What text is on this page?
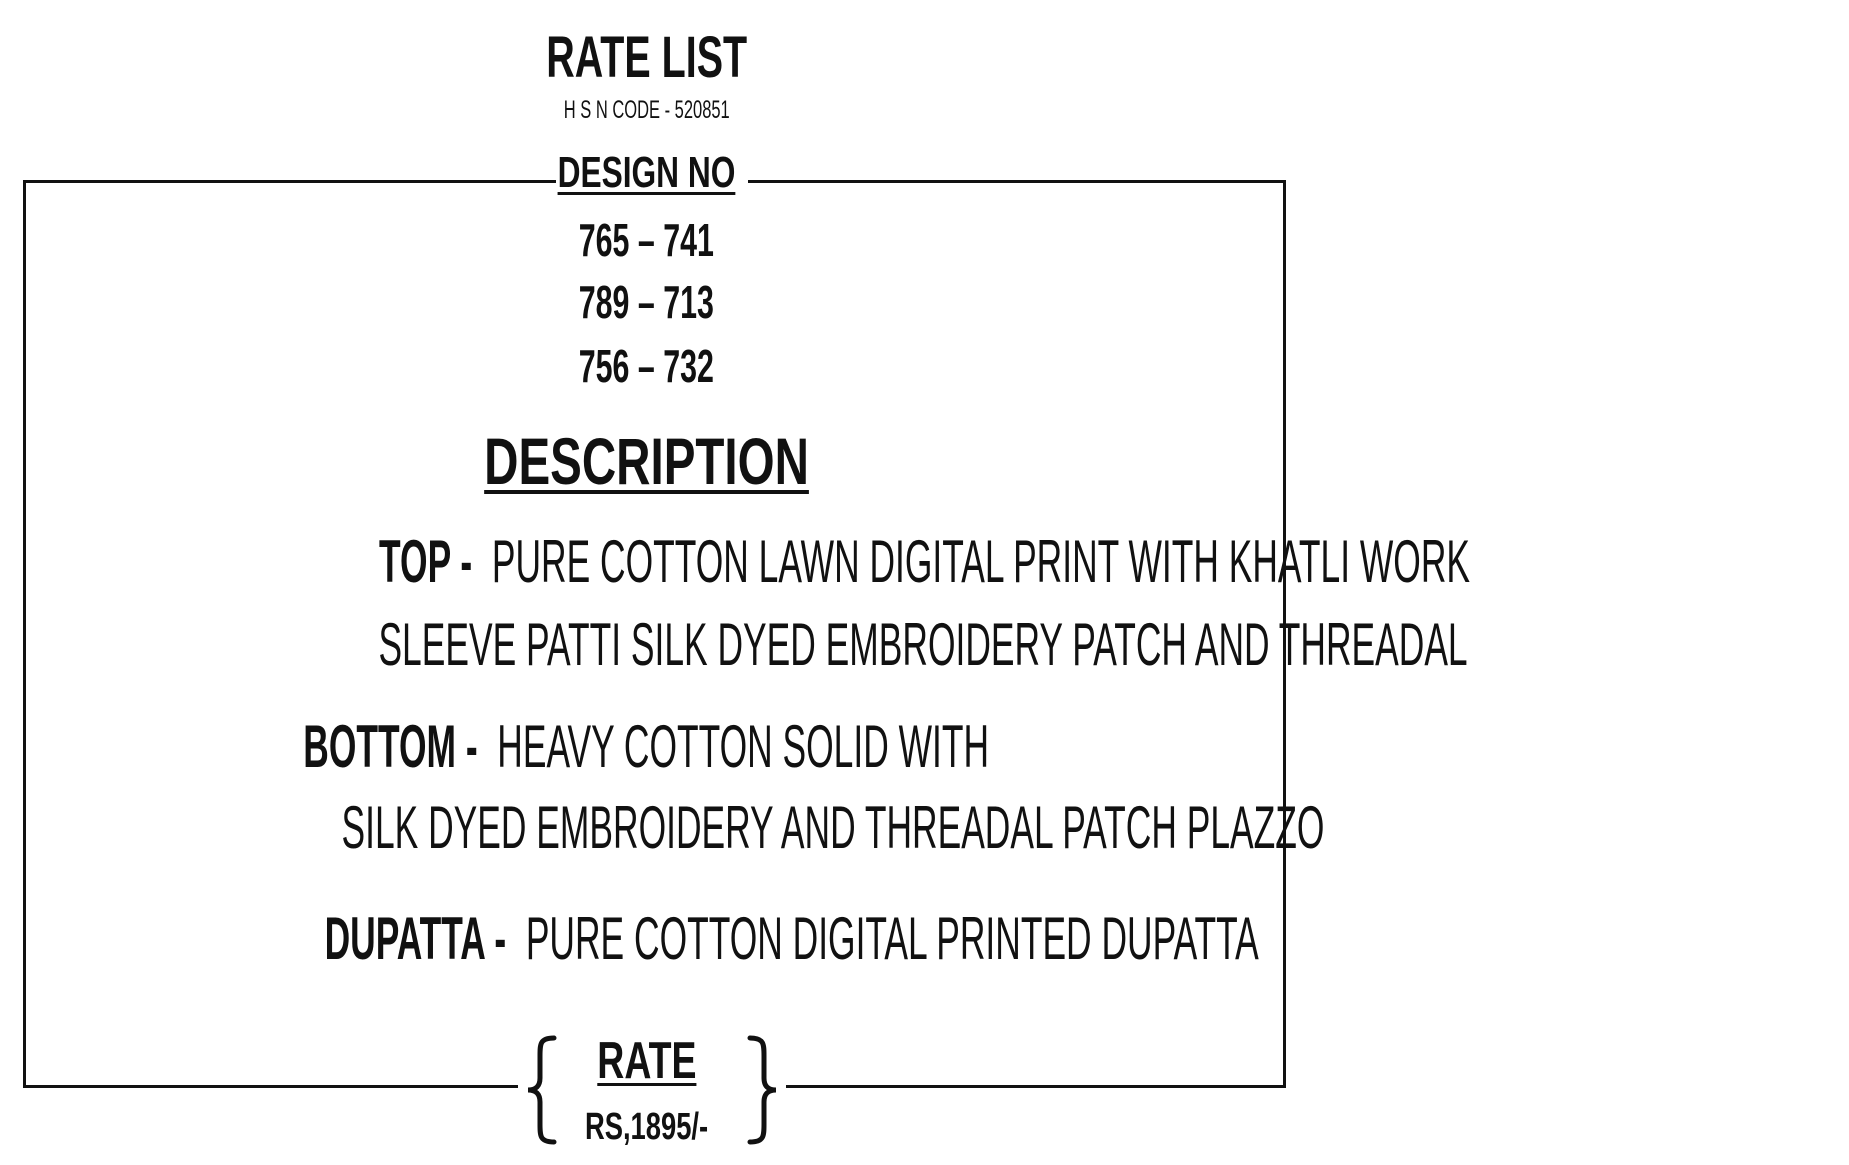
RATE LIST
H S N CODE - 520851
DESIGN NO
765 – 741
789 – 713
756 – 732
DESCRIPTION
TOP - PURE COTTON LAWN DIGITAL PRINT WITH KHATLI WORK
SLEEVE PATTI SILK DYED EMBROIDERY PATCH AND THREADAL
BOTTOM - HEAVY COTTON SOLID WITH
SILK DYED EMBROIDERY AND THREADAL PATCH PLAZZO
DUPATTA - PURE COTTON DIGITAL PRINTED DUPATTA
RATE
RS,1895/-
